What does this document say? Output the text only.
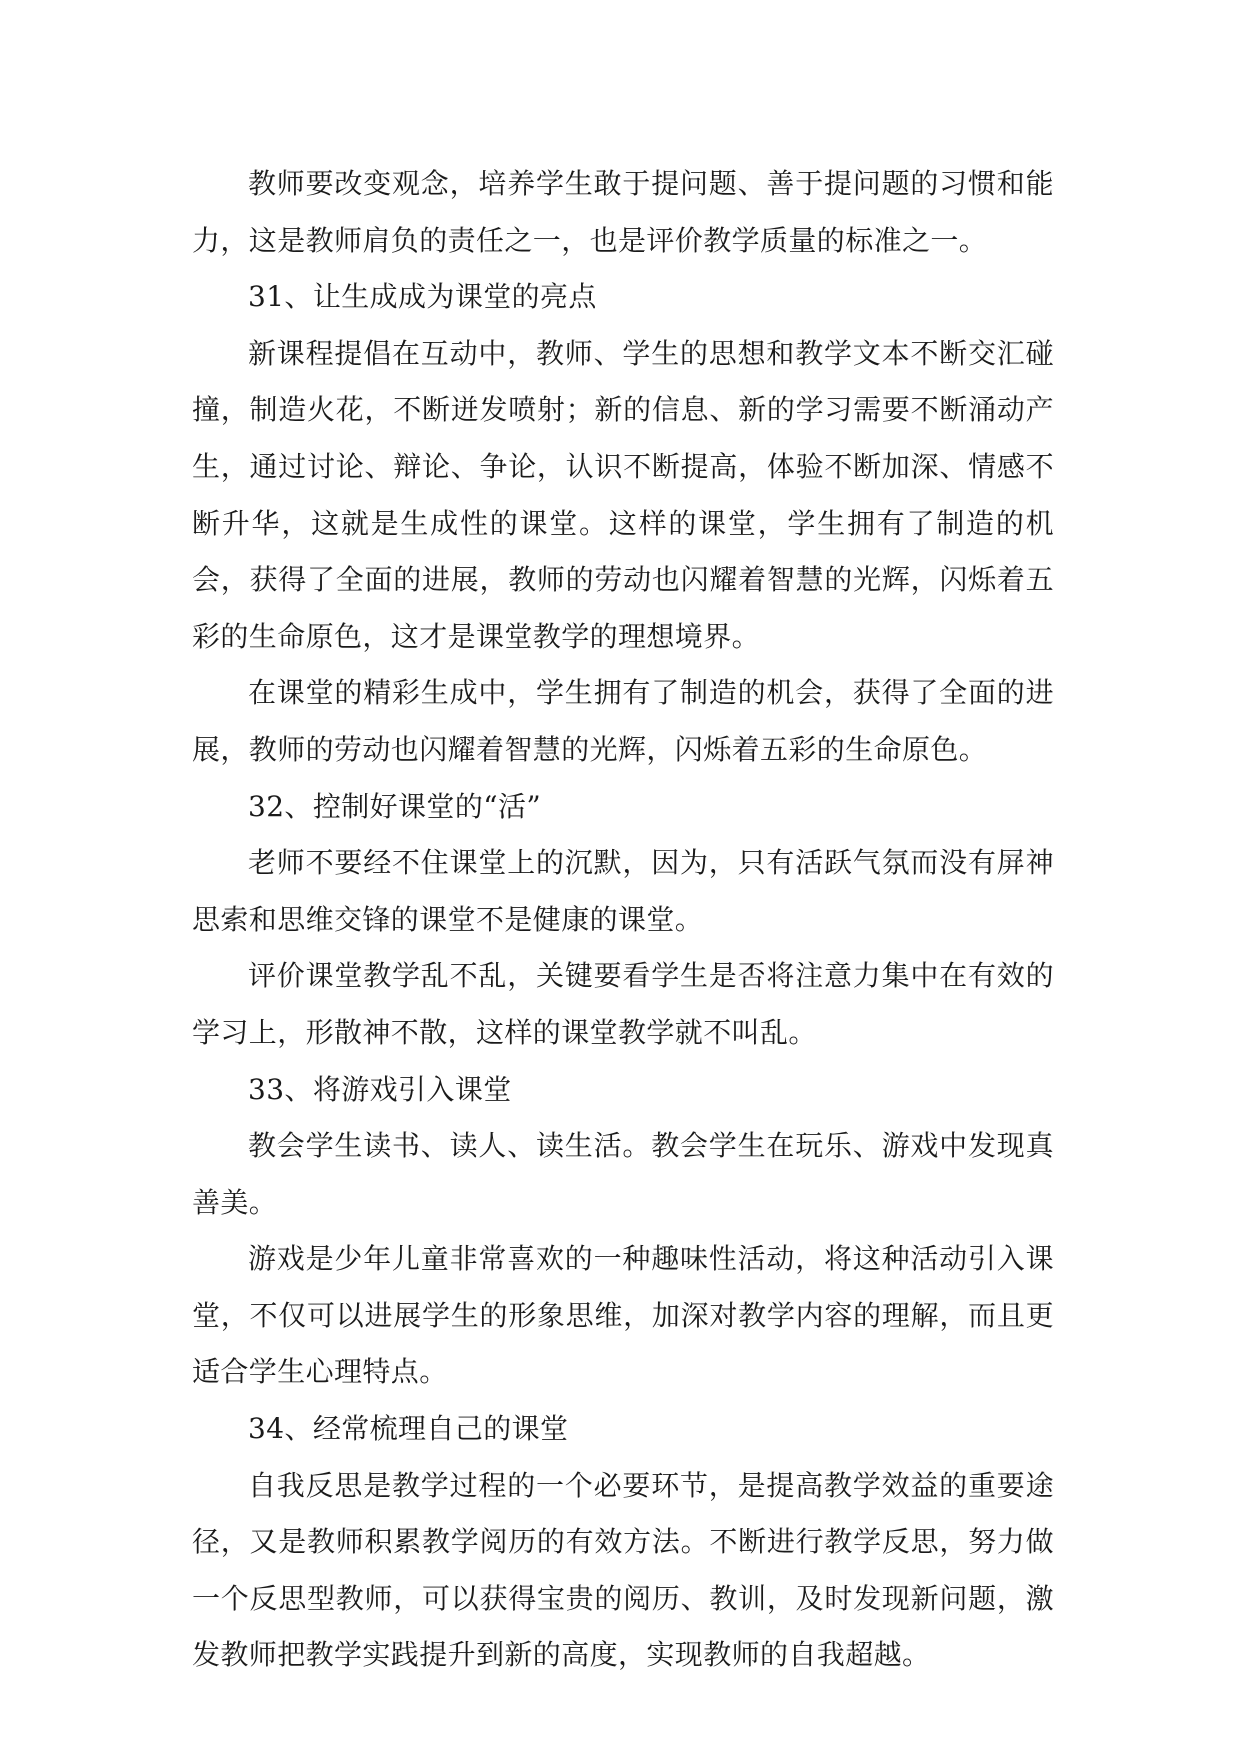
教师要改变观念，培养学生敢于提问题、善于提问题的习惯和能力，这是教师肩负的责任之一，也是评价教学质量的标准之一。

31、让生成成为课堂的亮点

新课程提倡在互动中，教师、学生的思想和教学文本不断交汇碰撞，制造火花，不断迸发喷射；新的信息、新的学习需要不断涌动产生，通过讨论、辩论、争论，认识不断提高，体验不断加深、情感不断升华，这就是生成性的课堂。这样的课堂，学生拥有了制造的机会，获得了全面的进展，教师的劳动也闪耀着智慧的光辉，闪烁着五彩的生命原色，这才是课堂教学的理想境界。

在课堂的精彩生成中，学生拥有了制造的机会，获得了全面的进展，教师的劳动也闪耀着智慧的光辉，闪烁着五彩的生命原色。

32、控制好课堂的“活”

老师不要经不住课堂上的沉默，因为，只有活跃气氛而没有屏神思索和思维交锋的课堂不是健康的课堂。

评价课堂教学乱不乱，关键要看学生是否将注意力集中在有效的学习上，形散神不散，这样的课堂教学就不叫乱。

33、将游戏引入课堂

教会学生读书、读人、读生活。教会学生在玩乐、游戏中发现真善美。

游戏是少年儿童非常喜欢的一种趣味性活动，将这种活动引入课堂，不仅可以进展学生的形象思维，加深对教学内容的理解，而且更适合学生心理特点。

34、经常梳理自己的课堂

自我反思是教学过程的一个必要环节，是提高教学效益的重要途径，又是教师积累教学阅历的有效方法。不断进行教学反思，努力做一个反思型教师，可以获得宝贵的阅历、教训，及时发现新问题，激发教师把教学实践提升到新的高度，实现教师的自我超越。
